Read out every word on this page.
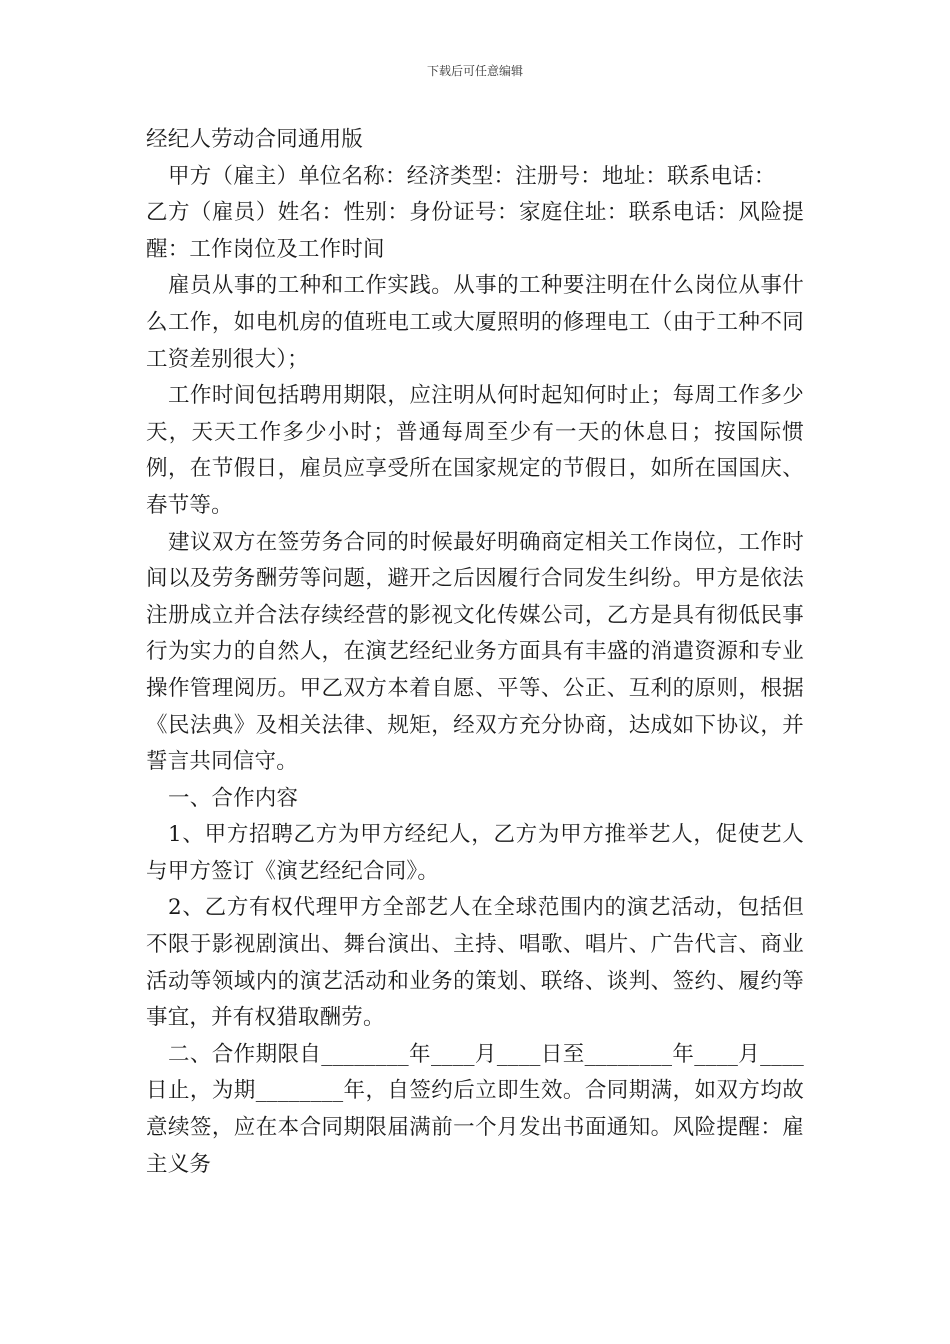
下载后可任意编辑

经纪人劳动合同通用版

甲方（雇主）单位名称：经济类型：注册号：地址：联系电话：

乙方（雇员）姓名：性别：身份证号：家庭住址：联系电话：风险提醒：工作岗位及工作时间

雇员从事的工种和工作实践。从事的工种要注明在什么岗位从事什么工作，如电机房的值班电工或大厦照明的修理电工（由于工种不同工资差别很大）；

工作时间包括聘用期限，应注明从何时起知何时止；每周工作多少天，天天工作多少小时；普通每周至少有一天的休息日；按国际惯例，在节假日，雇员应享受所在国家规定的节假日，如所在国国庆、春节等。

建议双方在签劳务合同的时候最好明确商定相关工作岗位，工作时间以及劳务酬劳等问题，避开之后因履行合同发生纠纷。甲方是依法注册成立并合法存续经营的影视文化传媒公司，乙方是具有彻低民事行为实力的自然人，在演艺经纪业务方面具有丰盛的消遣资源和专业操作管理阅历。甲乙双方本着自愿、平等、公正、互利的原则，根据《民法典》及相关法律、规矩，经双方充分协商，达成如下协议，并誓言共同信守。

一、合作内容

1、甲方招聘乙方为甲方经纪人，乙方为甲方推举艺人，促使艺人与甲方签订《演艺经纪合同》。

2、乙方有权代理甲方全部艺人在全球范围内的演艺活动，包括但不限于影视剧演出、舞台演出、主持、唱歌、唱片、广告代言、商业活动等领域内的演艺活动和业务的策划、联络、谈判、签约、履约等事宜，并有权猎取酬劳。

二、合作期限自________年____月____日至________年____月____日止，为期________年，自签约后立即生效。合同期满，如双方均故意续签，应在本合同期限届满前一个月发出书面通知。风险提醒：雇主义务
